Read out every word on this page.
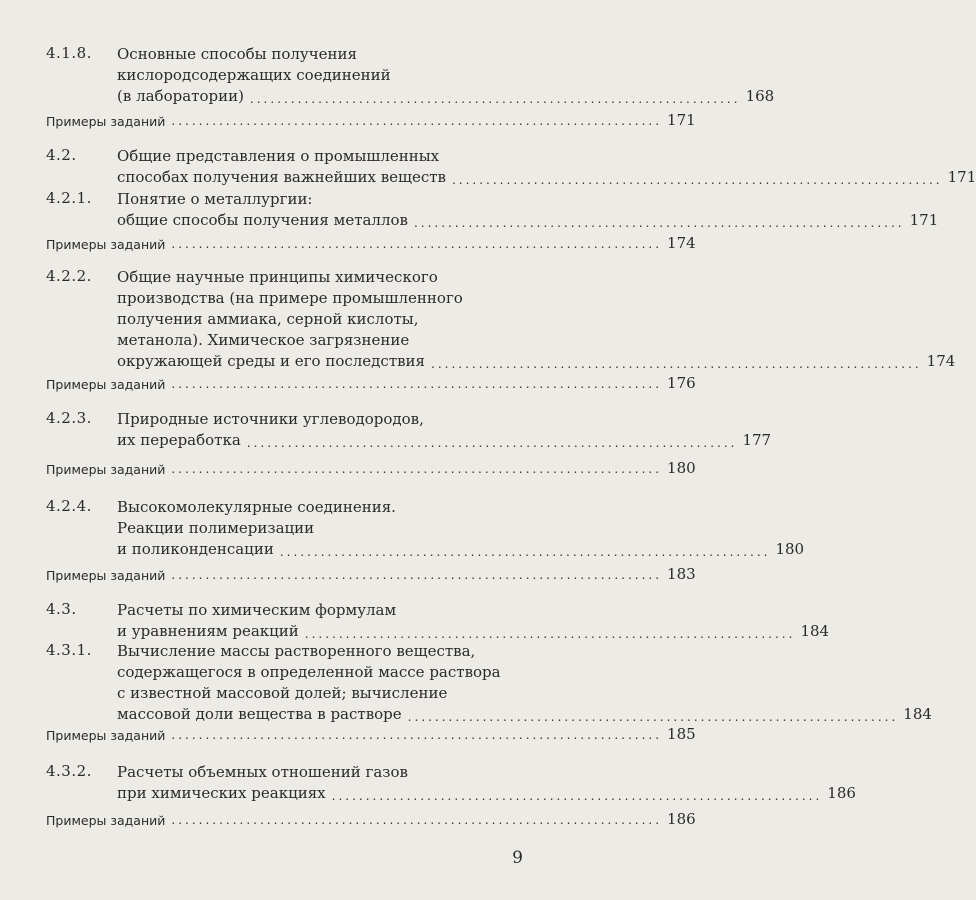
4.1.8. Основные способы получения
кислородсодержащих соединений
(в лаборатории) ........................................................................ 168
Примеры заданий ........................................................................ 171
4.2.	Общие представления о промышленных
способах получения важнейших веществ ........................................................................ 171
4.2.1. Понятие о металлургии:
общие способы получения металлов ........................................................................ 171
Примеры заданий ........................................................................ 174
4.2.2. Общие научные принципы химического
производства (на примере промышленного
получения аммиака, серной кислоты,
метанола). Химическое загрязнение
окружающей среды и его последствия ........................................................................ 174
Примеры заданий ........................................................................ 176
4.2.3. Природные источники углеводородов,
их переработка ........................................................................ 177
Примеры заданий ........................................................................ 180
4.2.4. Высокомолекулярные соединения.
Реакции полимеризации
и поликонденсации ........................................................................ 180
Примеры заданий ........................................................................ 183
4.3.	Расчеты по химическим формулам
и уравнениям реакций ........................................................................ 184
4.3.1. Вычисление массы растворенного вещества,
содержащегося в определенной массе раствора
с известной массовой долей; вычисление
массовой доли вещества в растворе ........................................................................ 184
Примеры заданий ........................................................................ 185
4.3.2. Расчеты объемных отношений газов
при химических реакциях ........................................................................ 186
Примеры заданий ........................................................................ 186
9
